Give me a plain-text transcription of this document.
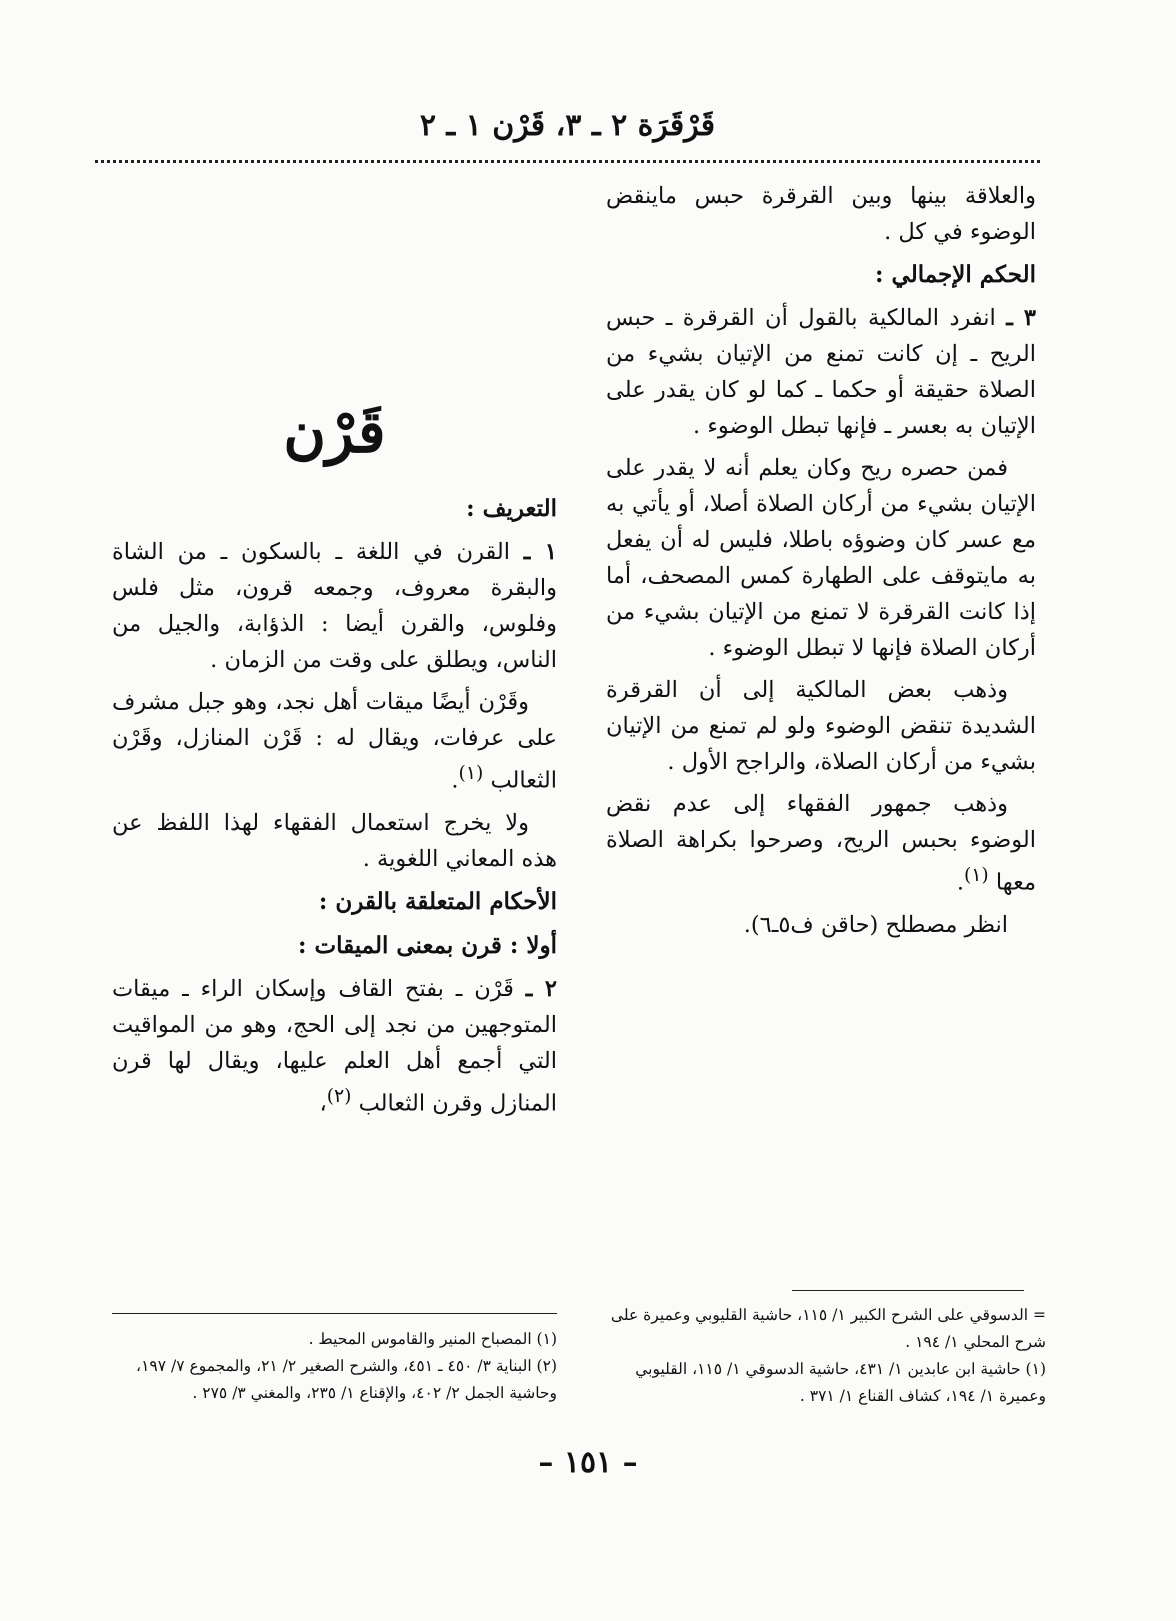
قَرْقَرَة ٢ ـ ٣، قَرْن ١ ـ ٢

والعلاقة بينها وبين القرقرة حبس ماينقض الوضوء في كل .

الحكم الإجمالي :

٣ ـ انفرد المالكية بالقول أن القرقرة ـ حبس الريح ـ إن كانت تمنع من الإتيان بشيء من الصلاة حقيقة أو حكما ـ كما لو كان يقدر على الإتيان به بعسر ـ فإنها تبطل الوضوء .

فمن حصره ريح وكان يعلم أنه لا يقدر على الإتيان بشيء من أركان الصلاة أصلا، أو يأتي به مع عسر كان وضوؤه باطلا، فليس له أن يفعل به مايتوقف على الطهارة كمس المصحف، أما إذا كانت القرقرة لا تمنع من الإتيان بشيء من أركان الصلاة فإنها لا تبطل الوضوء .

وذهب بعض المالكية إلى أن القرقرة الشديدة تنقض الوضوء ولو لم تمنع من الإتيان بشيء من أركان الصلاة، والراجح الأول .

وذهب جمهور الفقهاء إلى عدم نقض الوضوء بحبس الريح، وصرحوا بكراهة الصلاة معها $^{(١)}$.

انظر مصطلح (حاقن ف٥ـ٦).

قَرْن
التعريف :

١ ـ القرن في اللغة ـ بالسكون ـ من الشاة والبقرة معروف، وجمعه قرون، مثل فلس وفلوس، والقرن أيضا : الذؤابة، والجيل من الناس، ويطلق على وقت من الزمان .

وقَرْن أيضًا ميقات أهل نجد، وهو جبل مشرف على عرفات، ويقال له : قَرْن المنازل، وقَرْن الثعالب $^{(١)}$.

ولا يخرج استعمال الفقهاء لهذا اللفظ عن هذه المعاني اللغوية .

الأحكام المتعلقة بالقرن :
أولا : قرن بمعنى الميقات :

٢ ـ قَرْن ـ بفتح القاف وإسكان الراء ـ ميقات المتوجهين من نجد إلى الحج، وهو من المواقيت التي أجمع أهل العلم عليها، ويقال لها قرن المنازل وقرن الثعالب $^{(٢)}$،

= الدسوقي على الشرح الكبير ١/ ١١٥، حاشية القليوبي وعميرة على شرح المحلي ١/ ١٩٤ .

(١) حاشية ابن عابدين ١/ ٤٣١، حاشية الدسوقي ١/ ١١٥، القليوبي وعميرة ١/ ١٩٤، كشاف القناع ١/ ٣٧١ .

(١) المصباح المنير والقاموس المحيط .

(٢) البناية ٣/ ٤٥٠ ـ ٤٥١، والشرح الصغير ٢/ ٢١، والمجموع ٧/ ١٩٧، وحاشية الجمل ٢/ ٤٠٢، والإقناع ١/ ٢٣٥، والمغني ٣/ ٢٧٥ .

– ١٥١ –
